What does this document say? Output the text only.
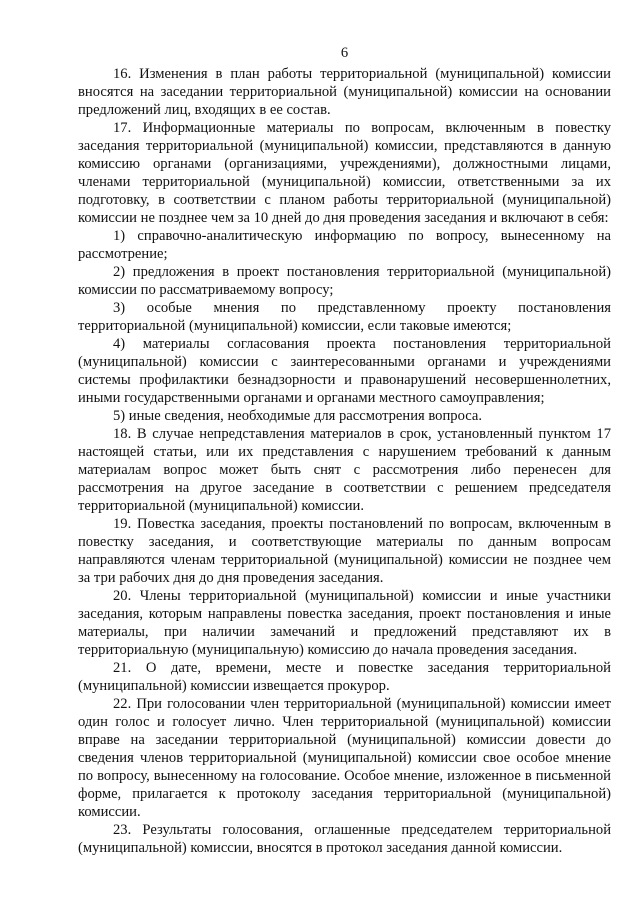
6

16. Изменения в план работы территориальной (муниципальной) комиссии вносятся на заседании территориальной (муниципальной) комиссии на основании предложений лиц, входящих в ее состав.

17. Информационные материалы по вопросам, включенным в повестку заседания территориальной (муниципальной) комиссии, представляются в данную комиссию органами (организациями, учреждениями), должностными лицами, членами территориальной (муниципальной) комиссии, ответственными за их подготовку, в соответствии с планом работы территориальной (муниципальной) комиссии не позднее чем за 10 дней до дня проведения заседания и включают в себя:

1) справочно-аналитическую информацию по вопросу, вынесенному на рассмотрение;

2) предложения в проект постановления территориальной (муниципальной) комиссии по рассматриваемому вопросу;

3) особые мнения по представленному проекту постановления территориальной (муниципальной) комиссии, если таковые имеются;

4) материалы согласования проекта постановления территориальной (муниципальной) комиссии с заинтересованными органами и учреждениями системы профилактики безнадзорности и правонарушений несовершеннолетних, иными государственными органами и органами местного самоуправления;

5) иные сведения, необходимые для рассмотрения вопроса.

18. В случае непредставления материалов в срок, установленный пунктом 17 настоящей статьи, или их представления с нарушением требований к данным материалам вопрос может быть снят с рассмотрения либо перенесен для рассмотрения на другое заседание в соответствии с решением председателя территориальной (муниципальной) комиссии.

19. Повестка заседания, проекты постановлений по вопросам, включенным в повестку заседания, и соответствующие материалы по данным вопросам направляются членам территориальной (муниципальной) комиссии не позднее чем за три рабочих дня до дня проведения заседания.

20. Члены территориальной (муниципальной) комиссии и иные участники заседания, которым направлены повестка заседания, проект постановления и иные материалы, при наличии замечаний и предложений представляют их в территориальную (муниципальную) комиссию до начала проведения заседания.

21. О дате, времени, месте и повестке заседания территориальной (муниципальной) комиссии извещается прокурор.

22. При голосовании член территориальной (муниципальной) комиссии имеет один голос и голосует лично. Член территориальной (муниципальной) комиссии вправе на заседании территориальной (муниципальной) комиссии довести до сведения членов территориальной (муниципальной) комиссии свое особое мнение по вопросу, вынесенному на голосование. Особое мнение, изложенное в письменной форме, прилагается к протоколу заседания территориальной (муниципальной) комиссии.

23. Результаты голосования, оглашенные председателем территориальной (муниципальной) комиссии, вносятся в протокол заседания данной комиссии.
